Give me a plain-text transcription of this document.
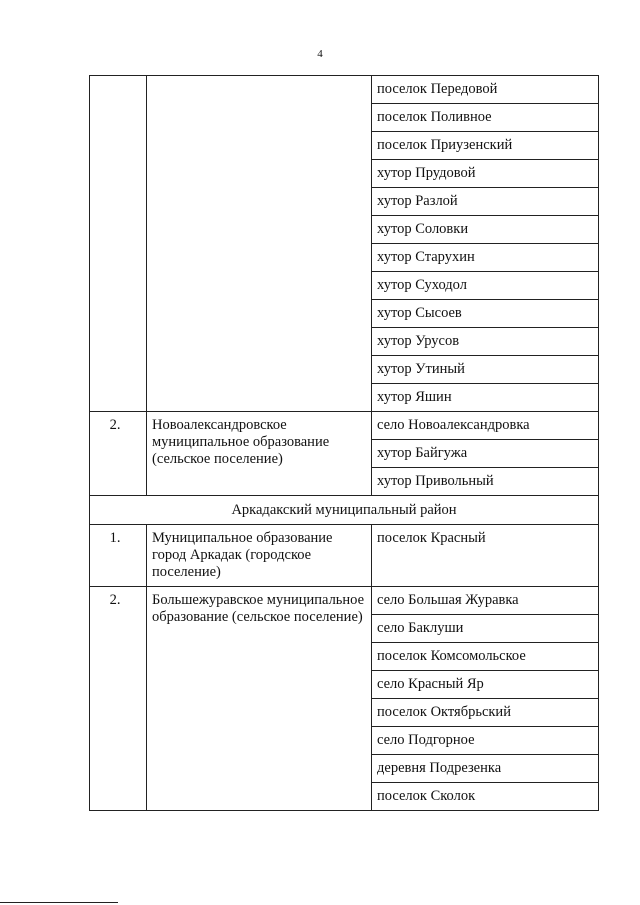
4
		поселок Передовой
		поселок Поливное
		поселок Приузенский
		хутор Прудовой
		хутор Разлой
		хутор Соловки
		хутор Старухин
		хутор Суходол
		хутор Сысоев
		хутор Урусов
		хутор Утиный
		хутор Яшин
2.	Новоалександровское муниципальное образование (сельское поселение)	село Новоалександровка
		хутор Байгужа
		хутор Привольный
Аркадакский муниципальный район		
1.	Муниципальное образование город Аркадак (городское поселение)	поселок Красный
2.	Большежуравское муниципальное образование (сельское поселение)	село Большая Журавка
		село Баклуши
		поселок Комсомольское
		село Красный Яр
		поселок Октябрьский
		село Подгорное
		деревня Подрезенка
		поселок Сколок
